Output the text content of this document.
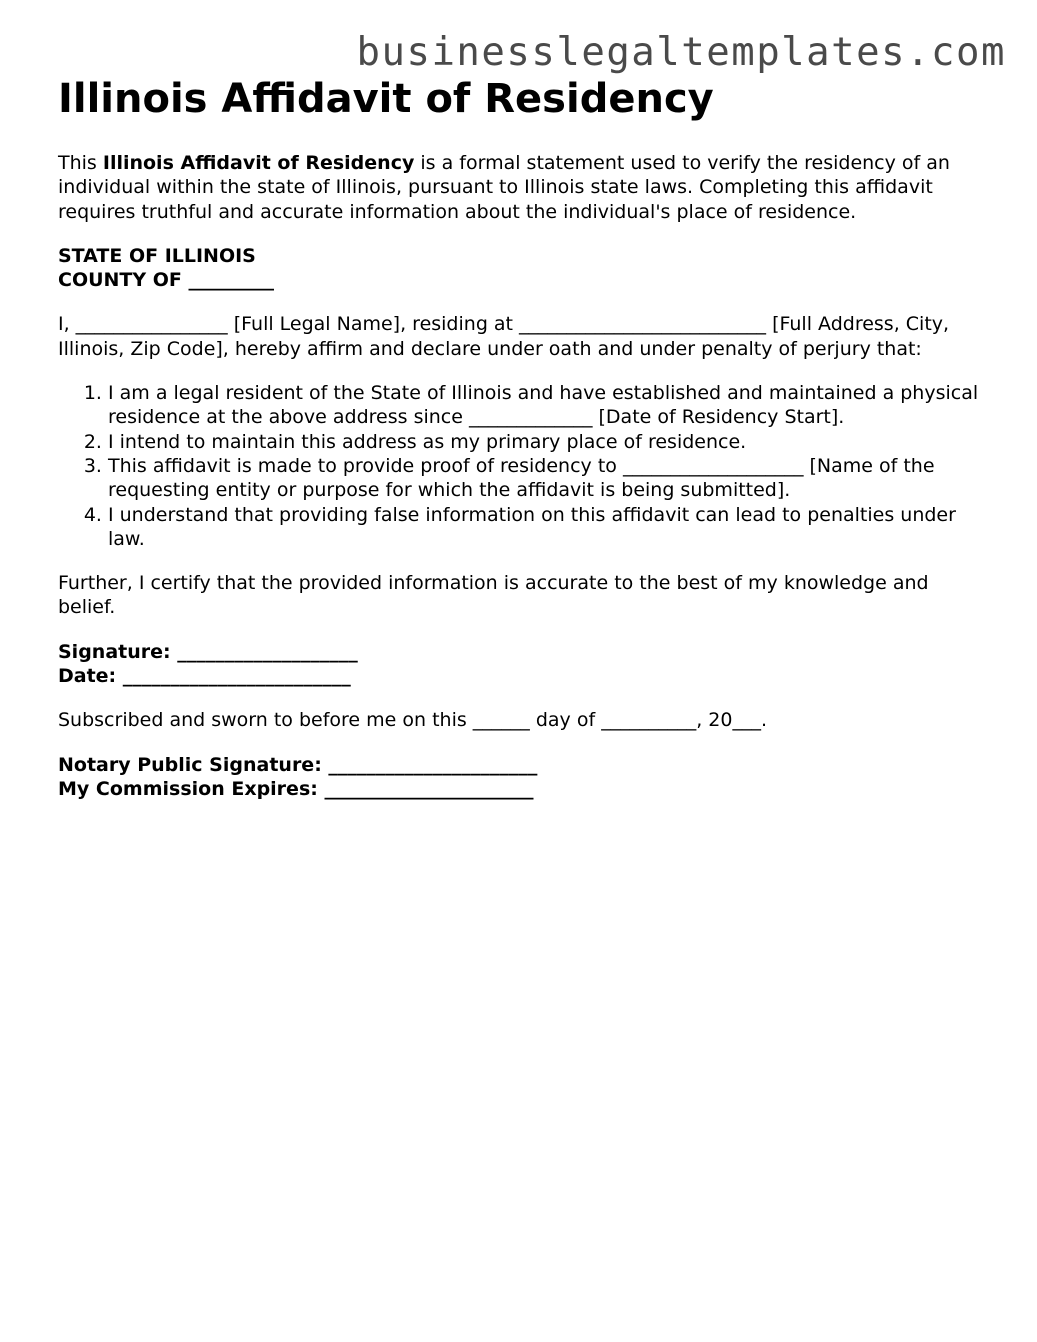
businesslegaltemplates.com
Illinois Affidavit of Residency

This Illinois Affidavit of Residency is a formal statement used to verify the residency of an individual within the state of Illinois, pursuant to Illinois state laws. Completing this affidavit requires truthful and accurate information about the individual's place of residence.

STATE OF ILLINOIS
COUNTY OF _________

I, ________________ [Full Legal Name], residing at __________________________ [Full Address, City, Illinois, Zip Code], hereby affirm and declare under oath and under penalty of perjury that:

1. I am a legal resident of the State of Illinois and have established and maintained a physical residence at the above address since _____________ [Date of Residency Start].
2. I intend to maintain this address as my primary place of residence.
3. This affidavit is made to provide proof of residency to ___________________ [Name of the requesting entity or purpose for which the affidavit is being submitted].
4. I understand that providing false information on this affidavit can lead to penalties under law.

Further, I certify that the provided information is accurate to the best of my knowledge and belief.

Signature: ___________________
Date: ________________________

Subscribed and sworn to before me on this ______ day of __________, 20___.

Notary Public Signature: ______________________
My Commission Expires: ______________________
